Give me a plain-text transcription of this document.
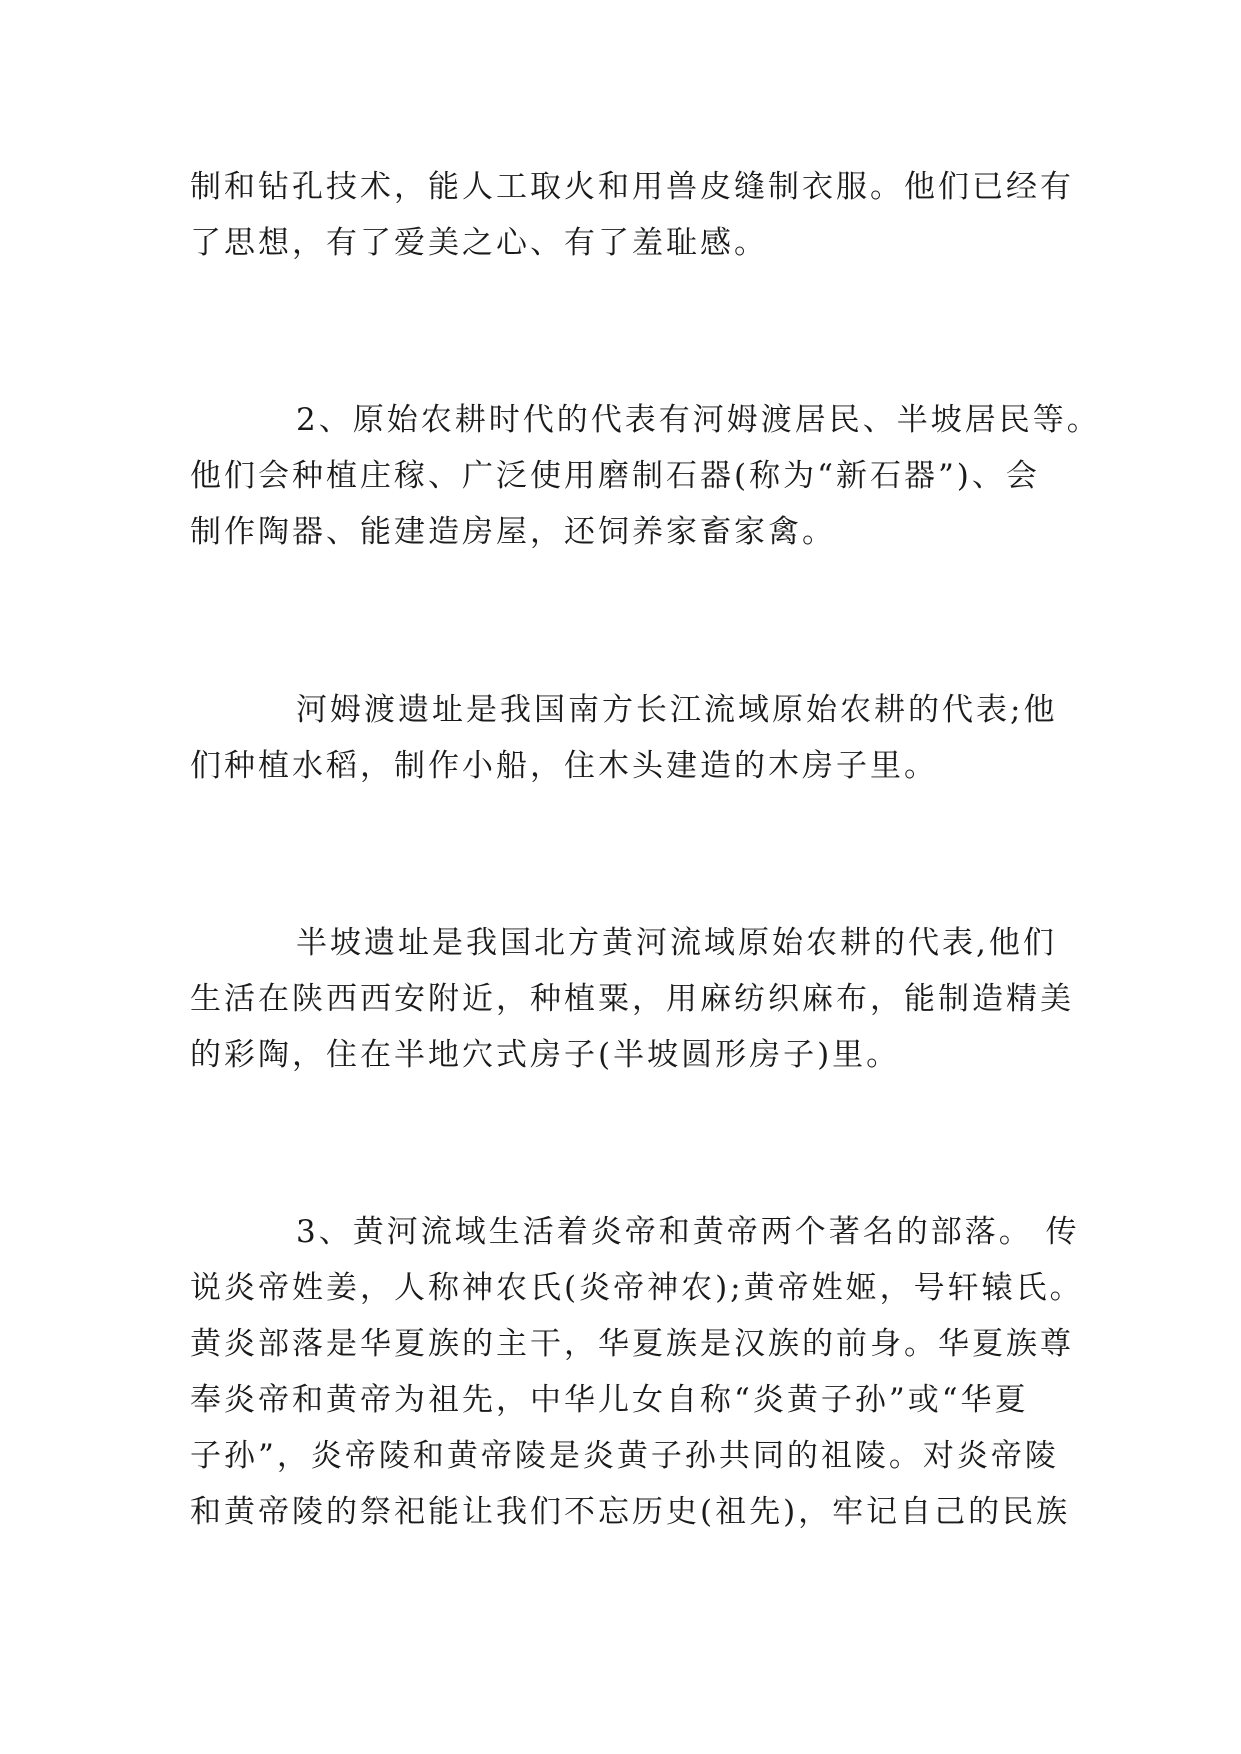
制和钻孔技术，能人工取火和用兽皮缝制衣服。他们已经有
了思想，有了爱美之心、有了羞耻感。
2、原始农耕时代的代表有河姆渡居民、半坡居民等。
他们会种植庄稼、广泛使用磨制石器(称为“新石器”)、会
制作陶器、能建造房屋，还饲养家畜家禽。
河姆渡遗址是我国南方长江流域原始农耕的代表;他
们种植水稻，制作小船，住木头建造的木房子里。
半坡遗址是我国北方黄河流域原始农耕的代表,他们
生活在陕西西安附近，种植粟，用麻纺织麻布，能制造精美
的彩陶，住在半地穴式房子(半坡圆形房子)里。
3、黄河流域生活着炎帝和黄帝两个著名的部落。 传
说炎帝姓姜，人称神农氏(炎帝神农);黄帝姓姬，号轩辕氏。
黄炎部落是华夏族的主干，华夏族是汉族的前身。华夏族尊
奉炎帝和黄帝为祖先，中华儿女自称“炎黄子孙”或“华夏
子孙”，炎帝陵和黄帝陵是炎黄子孙共同的祖陵。对炎帝陵
和黄帝陵的祭祀能让我们不忘历史(祖先)，牢记自己的民族
